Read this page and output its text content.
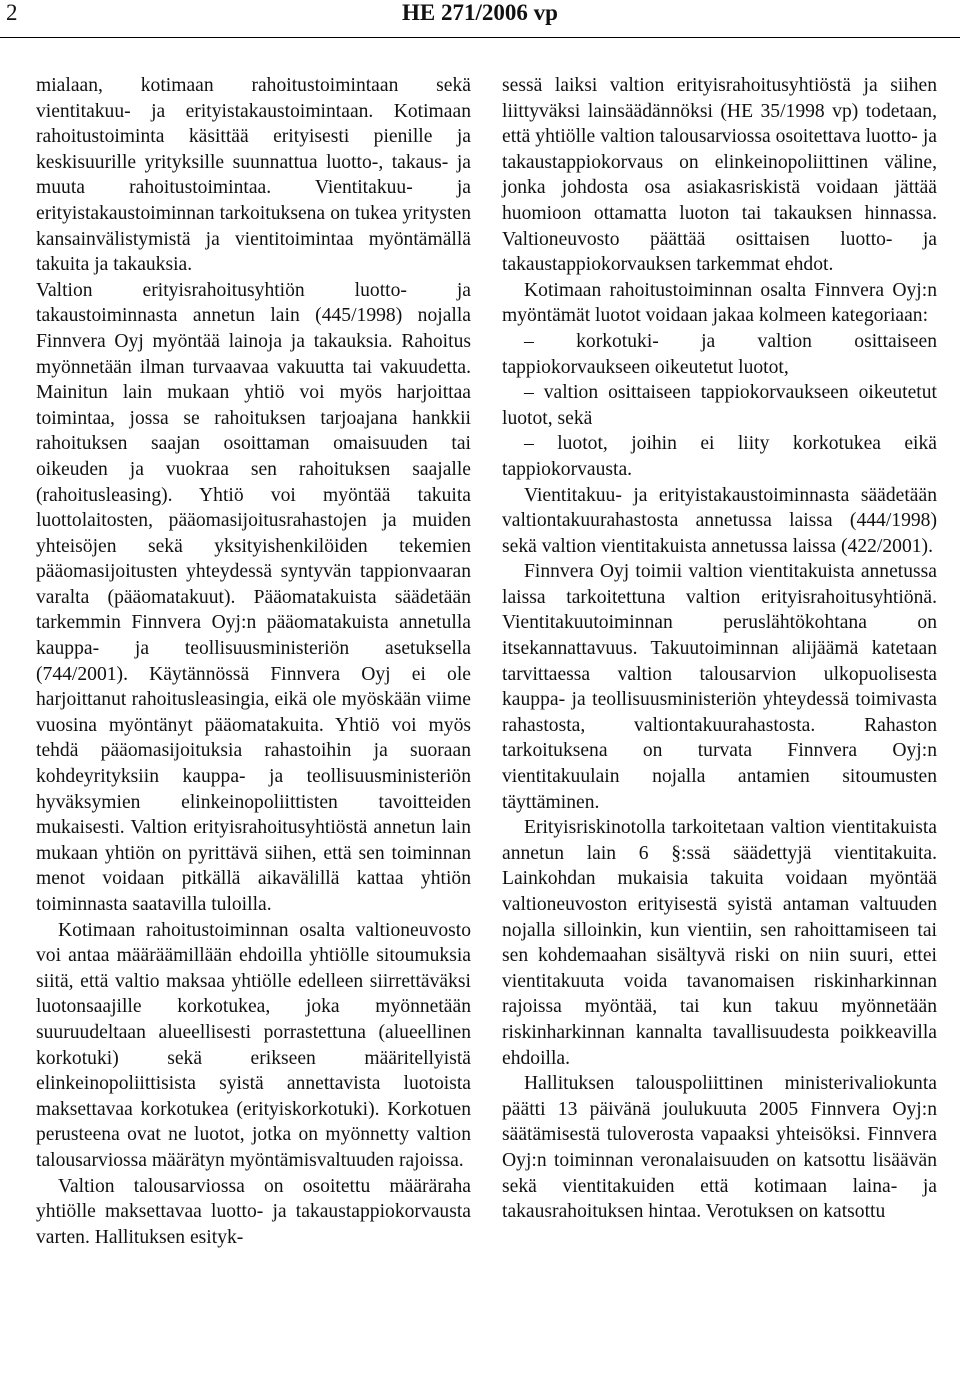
2	HE 271/2006 vp

mialaan, kotimaan rahoitustoimintaan sekä vientitakuu- ja erityistakaustoimintaan. Kotimaan rahoitustoiminta käsittää erityisesti pienille ja keskisuurille yrityksille suunnattua luotto-, takaus- ja muuta rahoitustoimintaa. Vientitakuu- ja erityistakaustoiminnan tarkoituksena on tukea yritysten kansainvälistymistä ja vientitoimintaa myöntämällä takuita ja takauksia.

Valtion erityisrahoitusyhtiön luotto- ja takaustoiminnasta annetun lain (445/1998) nojalla Finnvera Oyj myöntää lainoja ja takauksia. Rahoitus myönnetään ilman turvaavaa vakuutta tai vakuudetta. Mainitun lain mukaan yhtiö voi myös harjoittaa toimintaa, jossa se rahoituksen tarjoajana hankkii rahoituksen saajan osoittaman omaisuuden tai oikeuden ja vuokraa sen rahoituksen saajalle (rahoitusleasing). Yhtiö voi myöntää takuita luottolaitosten, pääomasijoitusrahastojen ja muiden yhteisöjen sekä yksityishenkilöiden tekemien pääomasijoitusten yhteydessä syntyvän tappionvaaran varalta (pääomatakuut). Pääomatakuista säädetään tarkemmin Finnvera Oyj:n pääomatakuista annetulla kauppa- ja teollisuusministeriön asetuksella (744/2001). Käytännössä Finnvera Oyj ei ole harjoittanut rahoitusleasingia, eikä ole myöskään viime vuosina myöntänyt pääomatakuita. Yhtiö voi myös tehdä pääomasijoituksia rahastoihin ja suoraan kohdeyrityksiin kauppa- ja teollisuusministeriön hyväksymien elinkeinopoliittisten tavoitteiden mukaisesti. Valtion erityisrahoitusyhtiöstä annetun lain mukaan yhtiön on pyrittävä siihen, että sen toiminnan menot voidaan pitkällä aikavälillä kattaa yhtiön toiminnasta saatavilla tuloilla.

Kotimaan rahoitustoiminnan osalta valtioneuvosto voi antaa määräämillään ehdoilla yhtiölle sitoumuksia siitä, että valtio maksaa yhtiölle edelleen siirrettäväksi luotonsaajille korkotukea, joka myönnetään suuruudeltaan alueellisesti porrastettuna (alueellinen korkotuki) sekä erikseen määritellyistä elinkeinopoliittisista syistä annettavista luotoista maksettavaa korkotukea (erityiskorkotuki). Korkotuen perusteena ovat ne luotot, jotka on myönnetty valtion talousarviossa määrätyn myöntämisvaltuuden rajoissa.

Valtion talousarviossa on osoitettu määräraha yhtiölle maksettavaa luotto- ja takaustappiokorvausta varten. Hallituksen esityk-

sessä laiksi valtion erityisrahoitusyhtiöstä ja siihen liittyväksi lainsäädännöksi (HE 35/1998 vp) todetaan, että yhtiölle valtion talousarviossa osoitettava luotto- ja takaustappiokorvaus on elinkeinopoliittinen väline, jonka johdosta osa asiakasriskistä voidaan jättää huomioon ottamatta luoton tai takauksen hinnassa. Valtioneuvosto päättää osittaisen luotto- ja takaustappiokorvauksen tarkemmat ehdot.

Kotimaan rahoitustoiminnan osalta Finnvera Oyj:n myöntämät luotot voidaan jakaa kolmeen kategoriaan:

– korkotuki- ja valtion osittaiseen tappiokorvaukseen oikeutetut luotot,

– valtion osittaiseen tappiokorvaukseen oikeutetut luotot, sekä

– luotot, joihin ei liity korkotukea eikä tappiokorvausta.

Vientitakuu- ja erityistakaustoiminnasta säädetään valtiontakuurahastosta annetussa laissa (444/1998) sekä valtion vientitakuista annetussa laissa (422/2001).

Finnvera Oyj toimii valtion vientitakuista annetussa laissa tarkoitettuna valtion erityisrahoitusyhtiönä. Vientitakuutoiminnan peruslähtökohtana on itsekannattavuus. Takuutoiminnan alijäämä katetaan tarvittaessa valtion talousarvion ulkopuolisesta kauppa- ja teollisuusministeriön yhteydessä toimivasta rahastosta, valtiontakuurahastosta. Rahaston tarkoituksena on turvata Finnvera Oyj:n vientitakuulain nojalla antamien sitoumusten täyttäminen.

Erityisriskinotolla tarkoitetaan valtion vientitakuista annetun lain 6 §:ssä säädettyjä vientitakuita. Lainkohdan mukaisia takuita voidaan myöntää valtioneuvoston erityisestä syistä antaman valtuuden nojalla silloinkin, kun vientiin, sen rahoittamiseen tai sen kohdemaahan sisältyvä riski on niin suuri, ettei vientitakuuta voida tavanomaisen riskinharkinnan rajoissa myöntää, tai kun takuu myönnetään riskinharkinnan kannalta tavallisuudesta poikkeavilla ehdoilla.

Hallituksen talouspoliittinen ministerivaliokunta päätti 13 päivänä joulukuuta 2005 Finnvera Oyj:n säätämisestä tuloverosta vapaaksi yhteisöksi. Finnvera Oyj:n toiminnan veronalaisuuden on katsottu lisäävän sekä vientitakuiden että kotimaan laina- ja takausrahoituksen hintaa. Verotuksen on katsottu
